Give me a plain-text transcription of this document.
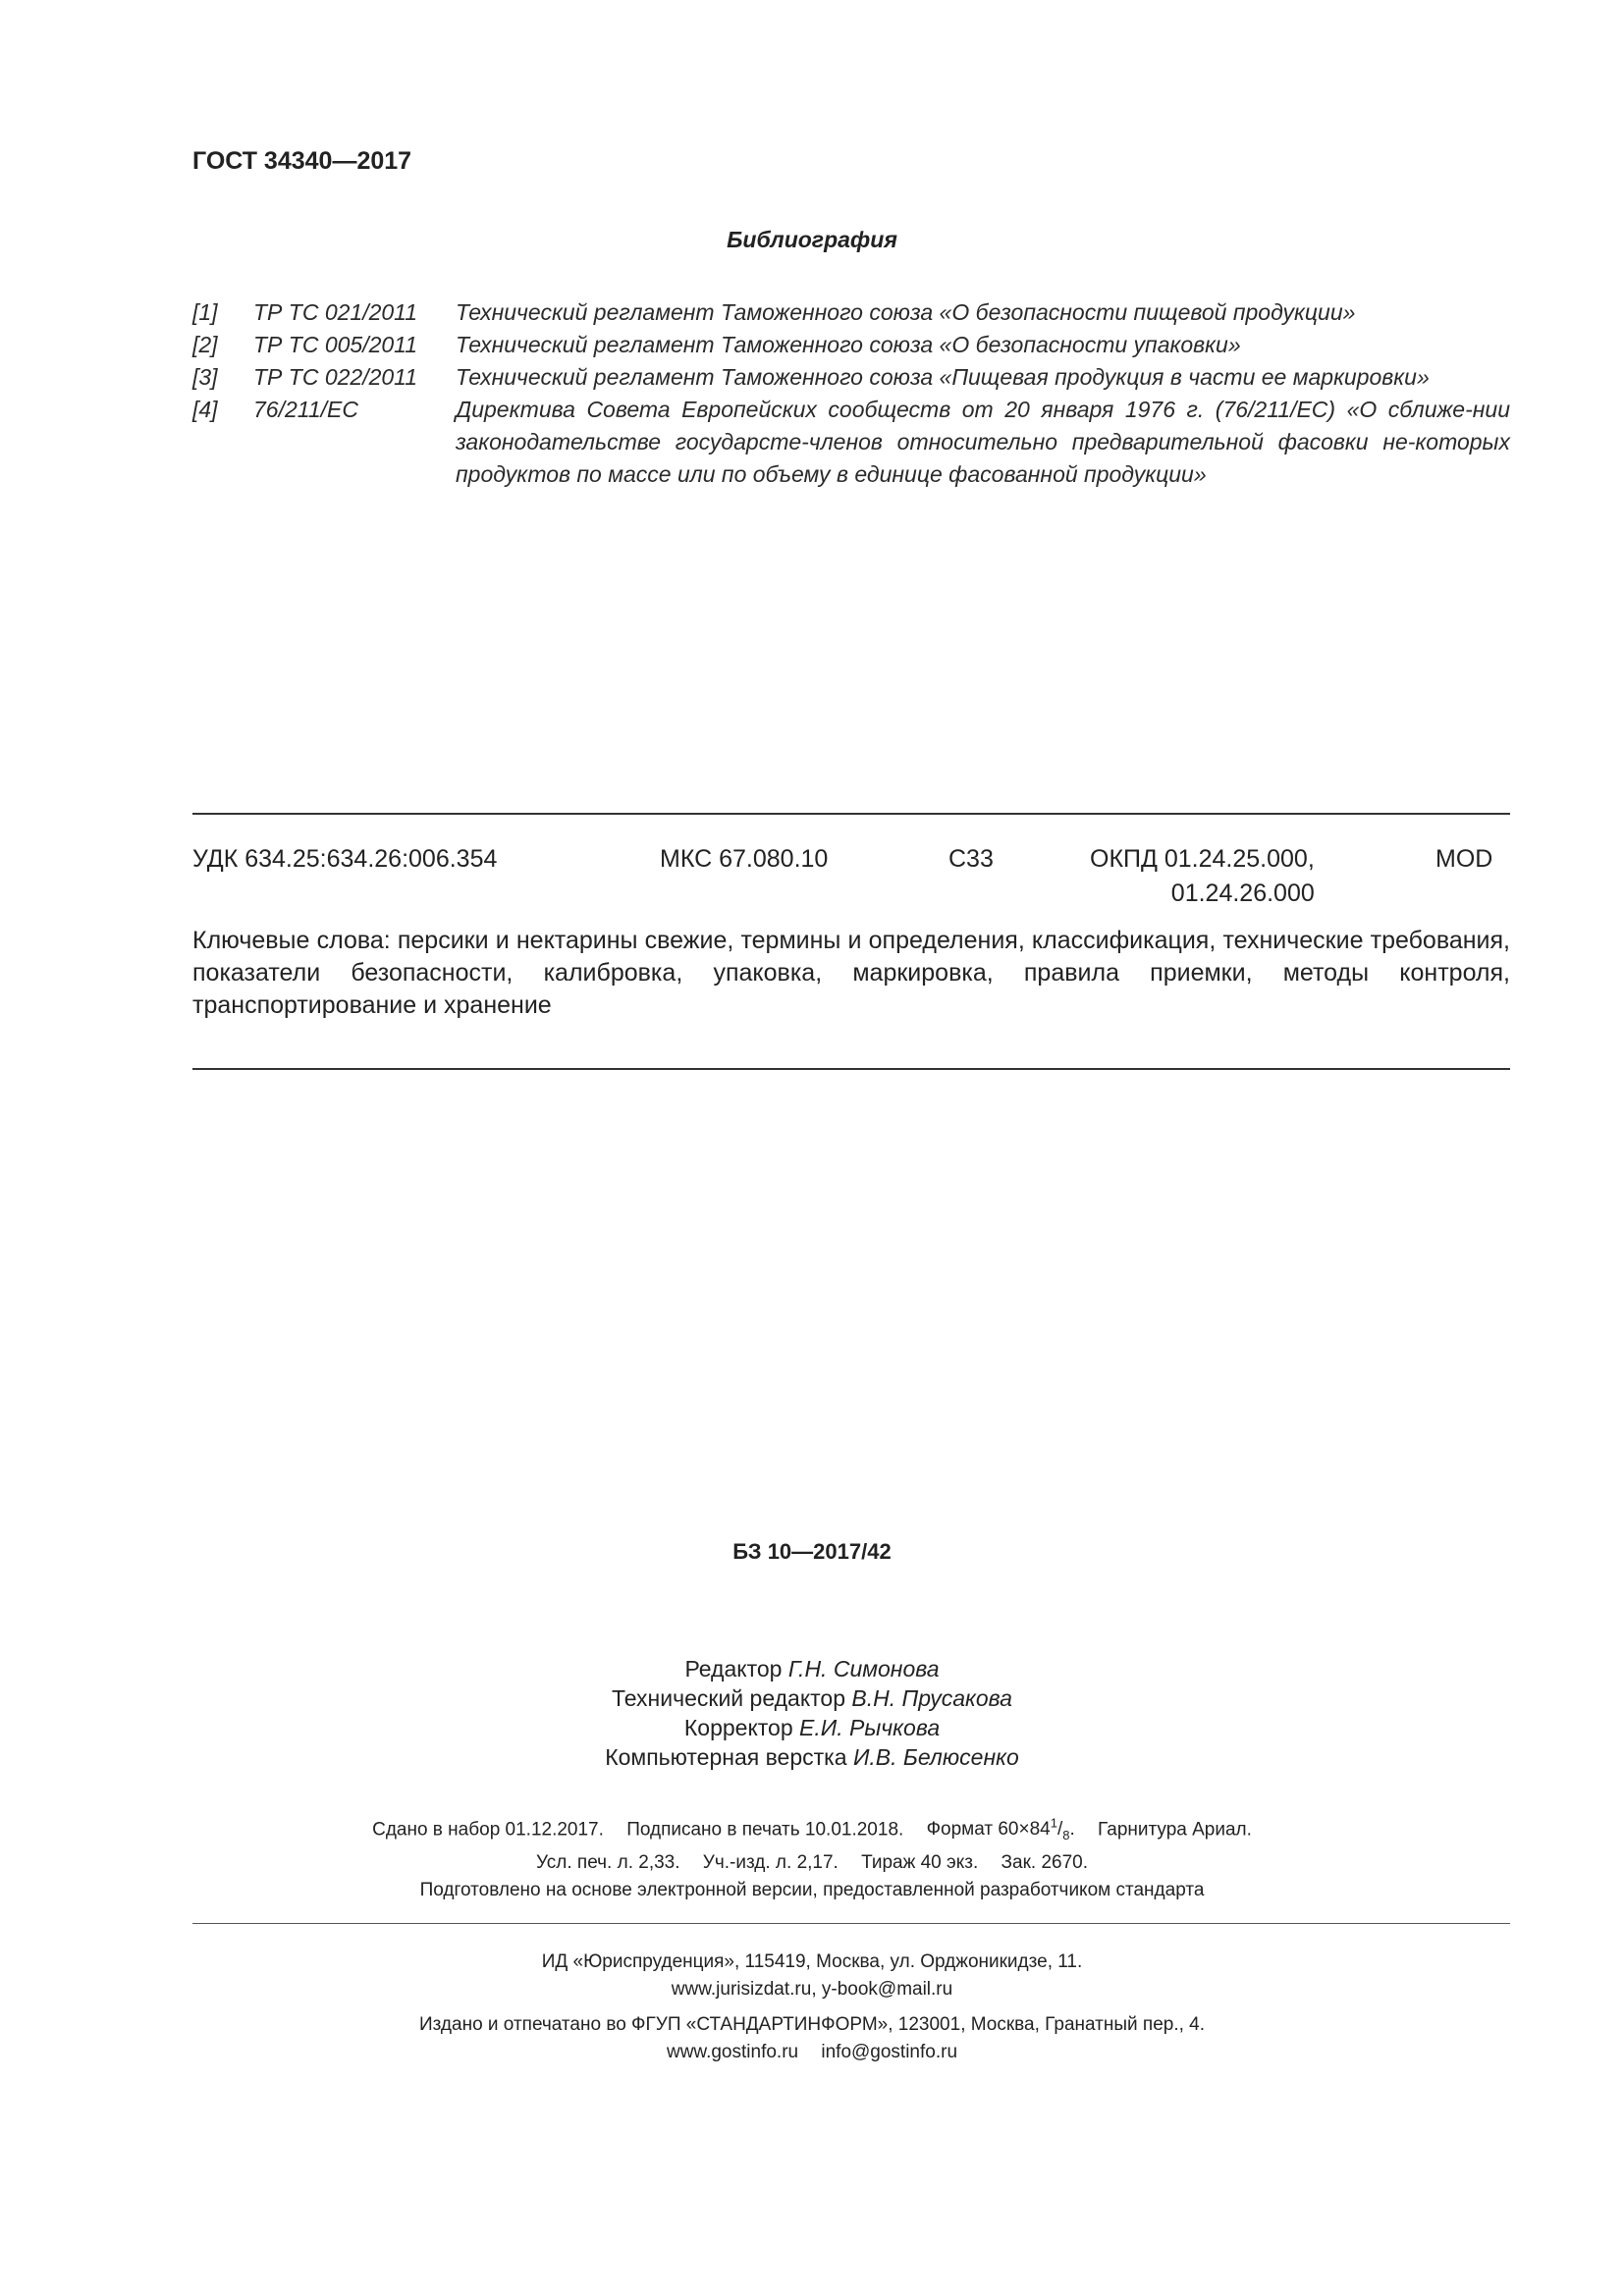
ГОСТ 34340—2017
Библиография
[1]	ТР ТС 021/2011	Технический регламент Таможенного союза «О безопасности пищевой продукции»
[2]	ТР ТС 005/2011	Технический регламент Таможенного союза «О безопасности упаковки»
[3]	ТР ТС 022/2011	Технический регламент Таможенного союза «Пищевая продукция в части ее маркировки»
[4]	76/211/ЕС	Директива Совета Европейских сообществ от 20 января 1976 г. (76/211/ЕС) «О сближе-нии законодательстве государсте-членов относительно предварительной фасовки не-которых продуктов по массе или по объему в единице фасованной продукции»
УДК 634.25:634.26:006.354	МКС 67.080.10	С33	ОКПД 01.24.25.000,
01.24.26.000
MOD
Ключевые слова: персики и нектарины свежие, термины и определения, классификация, технические требования, показатели безопасности, калибровка, упаковка, маркировка, правила приемки, методы контроля, транспортирование и хранение
БЗ 10—2017/42
Редактор Г.Н. Симонова
Технический редактор В.Н. Прусакова
Корректор Е.И. Рычкова
Компьютерная верстка И.В. Белюсенко
Сдано в набор 01.12.2017. Подписано в печать 10.01.2018. Формат $60\times 84^1/_8$. Гарнитура Ариал.
Усл. печ. л. 2,33. Уч.-изд. л. 2,17. Тираж 40 экз. Зак. 2670.
Подготовлено на основе электронной версии, предоставленной разработчиком стандарта
ИД «Юриспруденция», 115419, Москва, ул. Орджоникидзе, 11.
www.jurisizdat.ru, y-book@mail.ru
Издано и отпечатано во ФГУП «СТАНДАРТИНФОРМ», 123001, Москва, Гранатный пер., 4.
www.gostinfo.ru info@gostinfo.ru
